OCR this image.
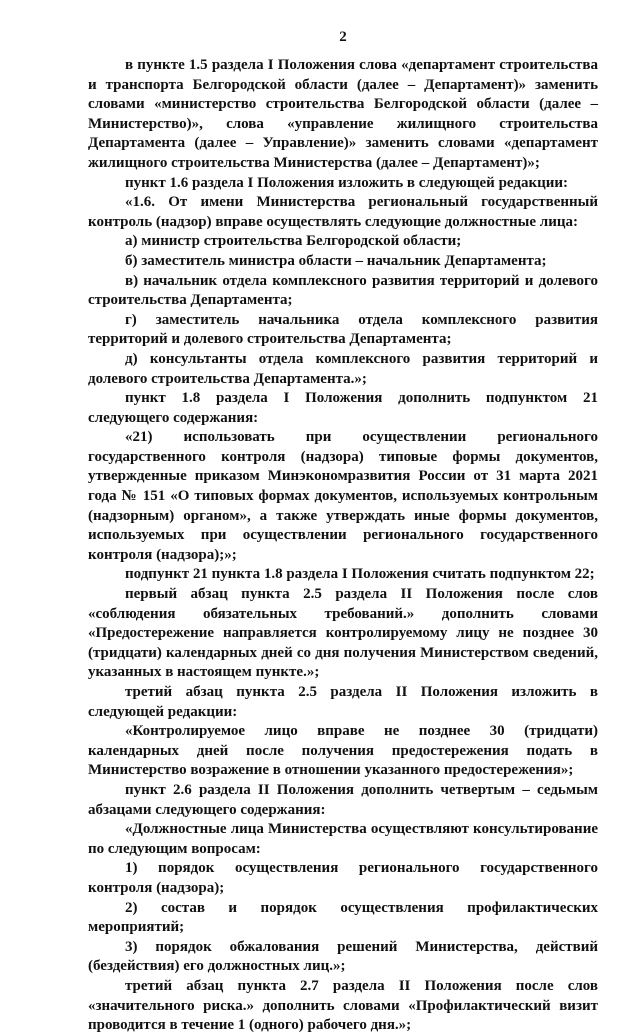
2

в пункте 1.5 раздела I Положения слова «департамент строительства и транспорта Белгородской области (далее – Департамент)» заменить словами «министерство строительства Белгородской области (далее – Министерство)», слова «управление жилищного строительства Департамента (далее – Управление)» заменить словами «департамент жилищного строительства Министерства (далее – Департамент)»;

пункт 1.6 раздела I Положения изложить в следующей редакции:

«1.6. От имени Министерства региональный государственный контроль (надзор) вправе осуществлять следующие должностные лица:

а) министр строительства Белгородской области;

б) заместитель министра области – начальник Департамента;

в) начальник отдела комплексного развития территорий и долевого строительства Департамента;

г) заместитель начальника отдела комплексного развития территорий и долевого строительства Департамента;

д) консультанты отдела комплексного развития территорий и долевого строительства Департамента.»;

пункт 1.8 раздела I Положения дополнить подпунктом 21 следующего содержания:

«21) использовать при осуществлении регионального государственного контроля (надзора) типовые формы документов, утвержденные приказом Минэкономразвития России от 31 марта 2021 года № 151 «О типовых формах документов, используемых контрольным (надзорным) органом», а также утверждать иные формы документов, используемых при осуществлении регионального государственного контроля (надзора);»;

подпункт 21 пункта 1.8 раздела I Положения считать подпунктом 22;

первый абзац пункта 2.5 раздела II Положения после слов «соблюдения обязательных требований.» дополнить словами «Предостережение направляется контролируемому лицу не позднее 30 (тридцати) календарных дней со дня получения Министерством сведений, указанных в настоящем пункте.»;

третий абзац пункта 2.5 раздела II Положения изложить в следующей редакции:

«Контролируемое лицо вправе не позднее 30 (тридцати) календарных дней после получения предостережения подать в Министерство возражение в отношении указанного предостережения»;

пункт 2.6 раздела II Положения дополнить четвертым – седьмым абзацами следующего содержания:

«Должностные лица Министерства осуществляют консультирование по следующим вопросам:

1) порядок осуществления регионального государственного контроля (надзора);

2) состав и порядок осуществления профилактических мероприятий;

3) порядок обжалования решений Министерства, действий (бездействия) его должностных лиц.»;

третий абзац пункта 2.7 раздела II Положения после слов «значительного риска.» дополнить словами «Профилактический визит проводится в течение 1 (одного) рабочего дня.»;
